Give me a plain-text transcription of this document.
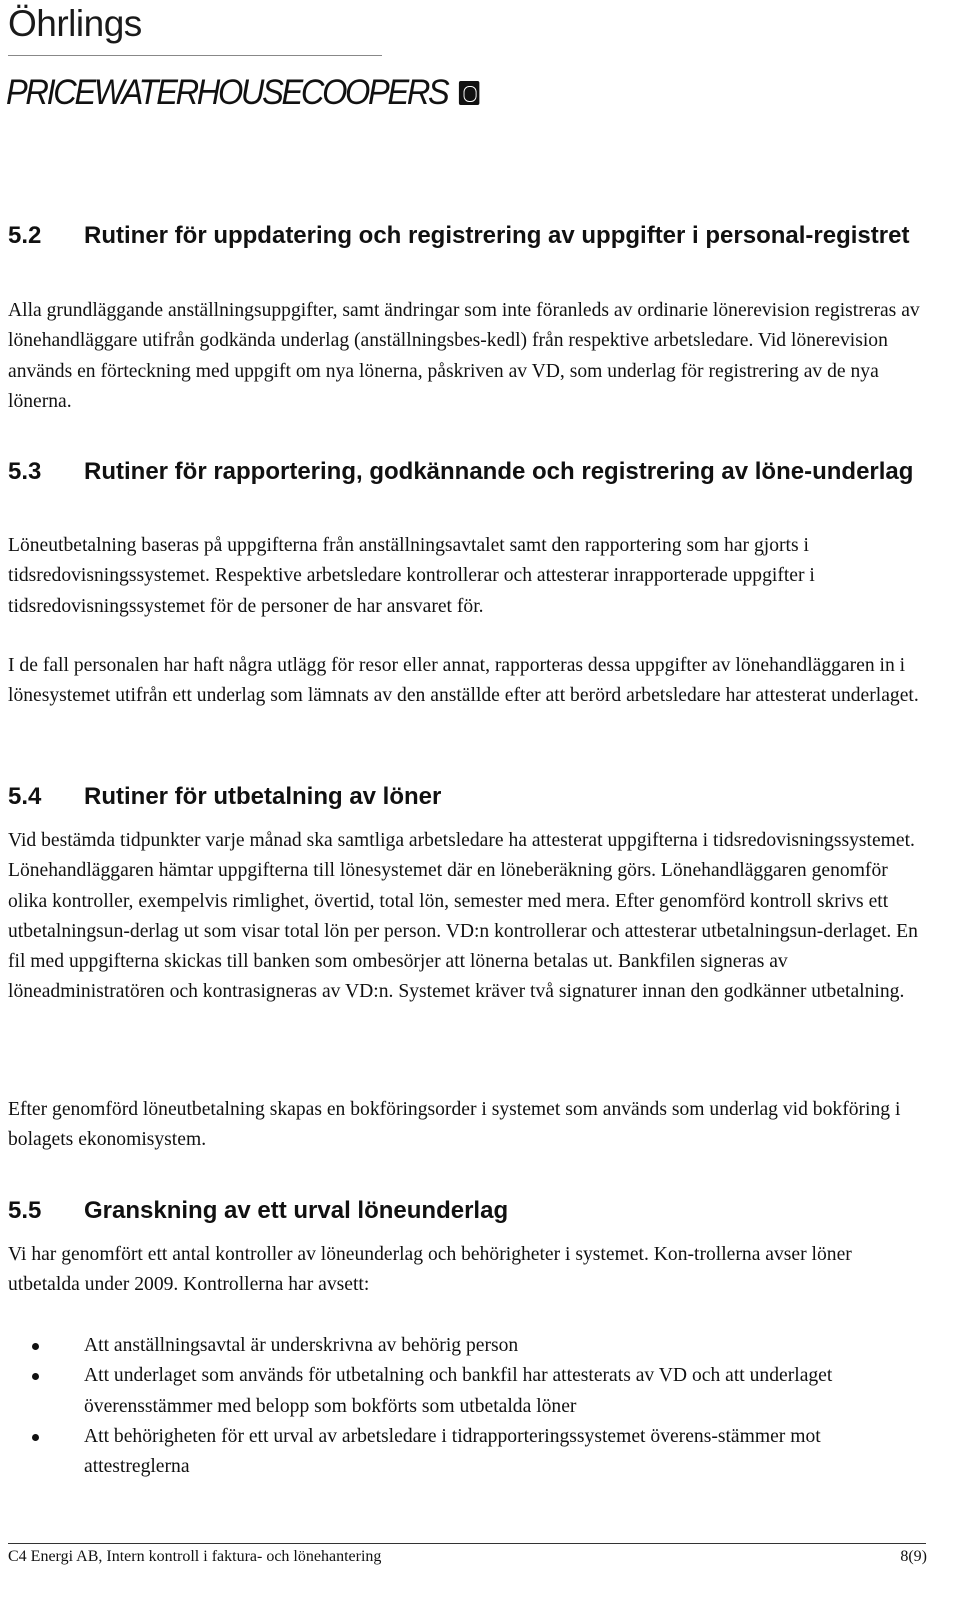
Öhrlings
PRICEWATERHOUSECOOPERS
5.2 Rutiner för uppdatering och registrering av uppgifter i personal-registret

Alla grundläggande anställningsuppgifter, samt ändringar som inte föranleds av ordinarie lönerevision registreras av lönehandläggare utifrån godkända underlag (anställningsbes-kedl) från respektive arbetsledare. Vid lönerevision används en förteckning med uppgift om nya lönerna, påskriven av VD, som underlag för registrering av de nya lönerna.

5.3 Rutiner för rapportering, godkännande och registrering av löne-underlag

Löneutbetalning baseras på uppgifterna från anställningsavtalet samt den rapportering som har gjorts i tidsredovisningssystemet. Respektive arbetsledare kontrollerar och attesterar inrapporterade uppgifter i tidsredovisningssystemet för de personer de har ansvaret för.

I de fall personalen har haft några utlägg för resor eller annat, rapporteras dessa uppgifter av lönehandläggaren in i lönesystemet utifrån ett underlag som lämnats av den anställde efter att berörd arbetsledare har attesterat underlaget.

5.4 Rutiner för utbetalning av löner

Vid bestämda tidpunkter varje månad ska samtliga arbetsledare ha attesterat uppgifterna i tidsredovisningssystemet. Lönehandläggaren hämtar uppgifterna till lönesystemet där en löneberäkning görs. Lönehandläggaren genomför olika kontroller, exempelvis rimlighet, övertid, total lön, semester med mera. Efter genomförd kontroll skrivs ett utbetalningsun-derlag ut som visar total lön per person. VD:n kontrollerar och attesterar utbetalningsun-derlaget. En fil med uppgifterna skickas till banken som ombesörjer att lönerna betalas ut. Bankfilen signeras av löneadministratören och kontrasigneras av VD:n. Systemet kräver två signaturer innan den godkänner utbetalning.

Efter genomförd löneutbetalning skapas en bokföringsorder i systemet som används som underlag vid bokföring i bolagets ekonomisystem.

5.5 Granskning av ett urval löneunderlag

Vi har genomfört ett antal kontroller av löneunderlag och behörigheter i systemet. Kon-trollerna avser löner utbetalda under 2009. Kontrollerna har avsett:

Att anställningsavtal är underskrivna av behörig person
Att underlaget som används för utbetalning och bankfil har attesterats av VD och att underlaget överensstämmer med belopp som bokförts som utbetalda löner
Att behörigheten för ett urval av arbetsledare i tidrapporteringssystemet överens-stämmer mot attestreglerna
C4 Energi AB, Intern kontroll i faktura- och lönehantering	8(9)
